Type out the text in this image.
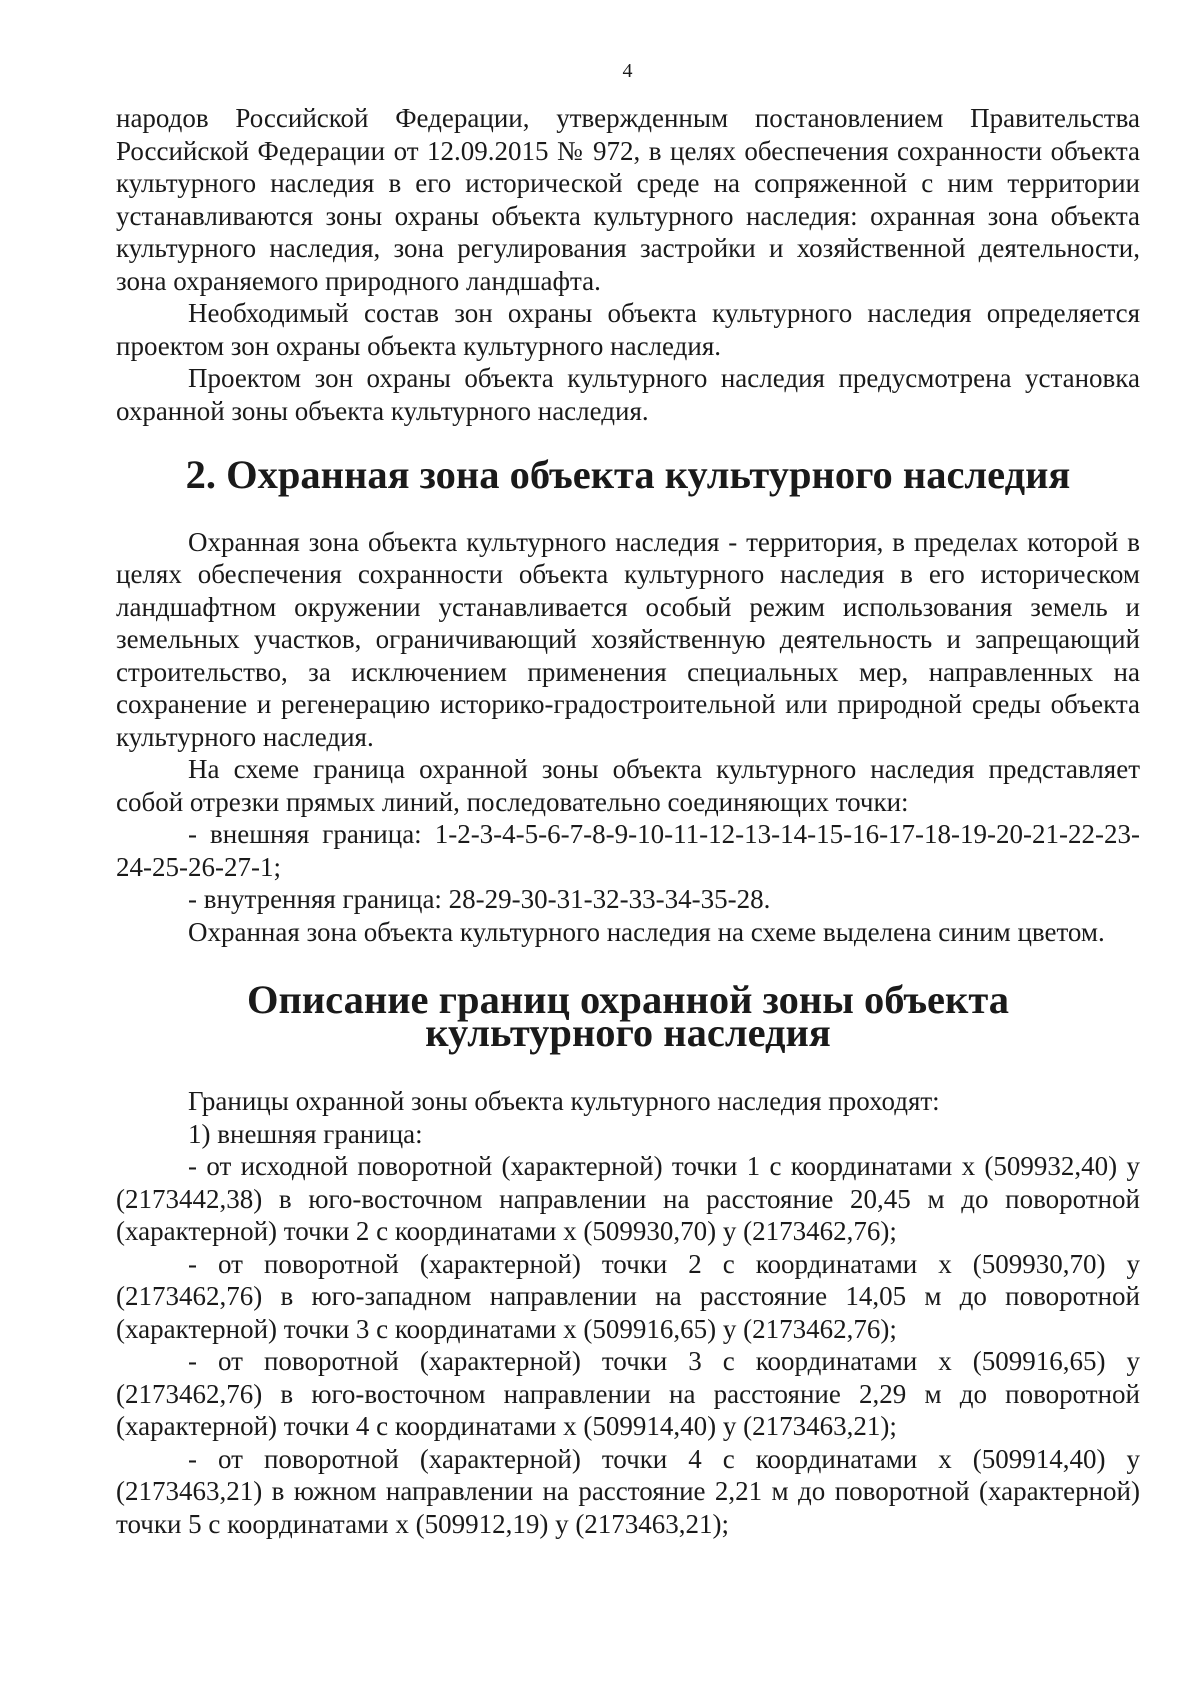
4

народов Российской Федерации, утвержденным постановлением Правительства Российской Федерации от 12.09.2015 № 972, в целях обеспечения сохранности объекта культурного наследия в его исторической среде на сопряженной с ним территории устанавливаются зоны охраны объекта культурного наследия: охранная зона объекта культурного наследия, зона регулирования застройки и хозяйственной деятельности, зона охраняемого природного ландшафта.

Необходимый состав зон охраны объекта культурного наследия определяется проектом зон охраны объекта культурного наследия.

Проектом зон охраны объекта культурного наследия предусмотрена установка охранной зоны объекта культурного наследия.

2. Охранная зона объекта культурного наследия

Охранная зона объекта культурного наследия - территория, в пределах которой в целях обеспечения сохранности объекта культурного наследия в его историческом ландшафтном окружении устанавливается особый режим использования земель и земельных участков, ограничивающий хозяйственную деятельность и запрещающий строительство, за исключением применения специальных мер, направленных на сохранение и регенерацию историко-градостроительной или природной среды объекта культурного наследия.

На схеме граница охранной зоны объекта культурного наследия представляет собой отрезки прямых линий, последовательно соединяющих точки:

- внешняя граница: 1-2-3-4-5-6-7-8-9-10-11-12-13-14-15-16-17-18-19-20-21-22-23-24-25-26-27-1;

- внутренняя граница: 28-29-30-31-32-33-34-35-28.

Охранная зона объекта культурного наследия на схеме выделена синим цветом.

Описание границ охранной зоны объекта
культурного наследия

Границы охранной зоны объекта культурного наследия проходят:

1) внешняя граница:

- от исходной поворотной (характерной) точки 1 с координатами х (509932,40) у (2173442,38) в юго-восточном направлении на расстояние 20,45 м до поворотной (характерной) точки 2 с координатами х (509930,70) у (2173462,76);

- от поворотной (характерной) точки 2 с координатами х (509930,70) у (2173462,76) в юго-западном направлении на расстояние 14,05 м до поворотной (характерной) точки 3 с координатами х (509916,65) у (2173462,76);

- от поворотной (характерной) точки 3 с координатами х (509916,65) у (2173462,76) в юго-восточном направлении на расстояние 2,29 м до поворотной (характерной) точки 4 с координатами х (509914,40) у (2173463,21);

- от поворотной (характерной) точки 4 с координатами х (509914,40) у (2173463,21) в южном направлении на расстояние 2,21 м до поворотной (характерной) точки 5 с координатами х (509912,19) у (2173463,21);
